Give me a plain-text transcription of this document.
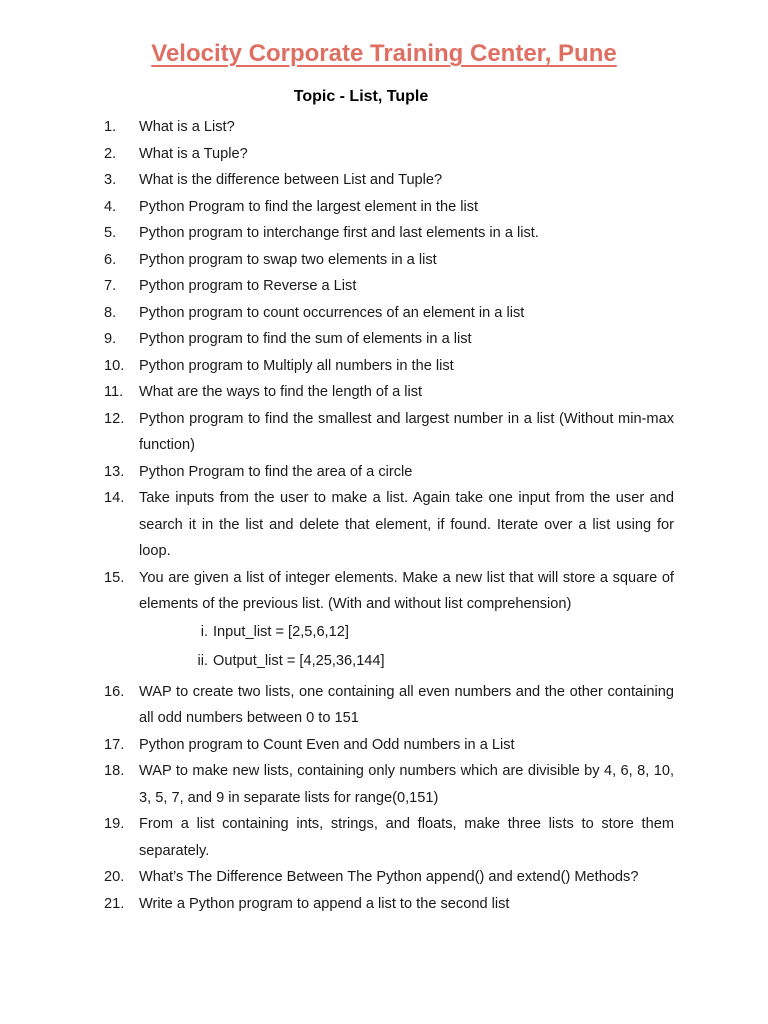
Velocity Corporate Training Center, Pune
Topic - List, Tuple
1.	What is a List?
2.	What is a Tuple?
3.	What is the difference between List and Tuple?
4.	Python Program to find the largest element in the list
5.	Python program to interchange first and last elements in a list.
6.	Python program to swap two elements in a list
7.	Python program to Reverse a List
8.	Python program to count occurrences of an element in a list
9.	Python program to find the sum of elements in a list
10.	Python program to Multiply all numbers in the list
11.	What are the ways to find the length of a list
12.	Python program to find the smallest and largest number in a list (Without min-max function)
13.	Python Program to find the area of a circle
14.	Take inputs from the user to make a list. Again take one input from the user and search it in the list and delete that element, if found. Iterate over a list using for loop.
15.	You are given a list of integer elements. Make a new list that will store a square of elements of the previous list. (With and without list comprehension)
i. Input_list = [2,5,6,12]
ii. Output_list = [4,25,36,144]
16.	WAP to create two lists, one containing all even numbers and the other containing all odd numbers between 0 to 151
17.	Python program to Count Even and Odd numbers in a List
18.	WAP to make new lists, containing only numbers which are divisible by 4, 6, 8, 10, 3, 5, 7, and 9 in separate lists for range(0,151)
19.	From a list containing ints, strings, and floats, make three lists to store them separately.
20.	What’s The Difference Between The Python append() and extend() Methods?
21.	Write a Python program to append a list to the second list
